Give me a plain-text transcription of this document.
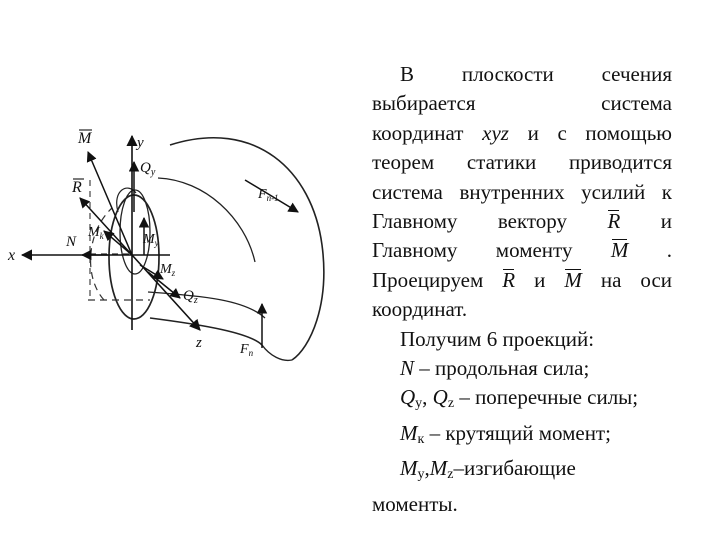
y
x
z
M
R
$Q_y$
N
$M_k$	$M_y$
$M_z$
$Q_z$
$F_{n-1}$
$F_n$
В плоскости сечения
выбирается система
координат xyz и с помощью
теорем статики приводится
система внутренних усилий к
Главному вектору R и
Главному моменту M .
Проецируем R и M на оси
координат.
Получим 6 проекций:
N – продольная сила;
$Q_y$, $Q_z$ – поперечные силы;
$M_к$ – крутящий момент;
$M_y,M_z$–изгибающие
моменты.
